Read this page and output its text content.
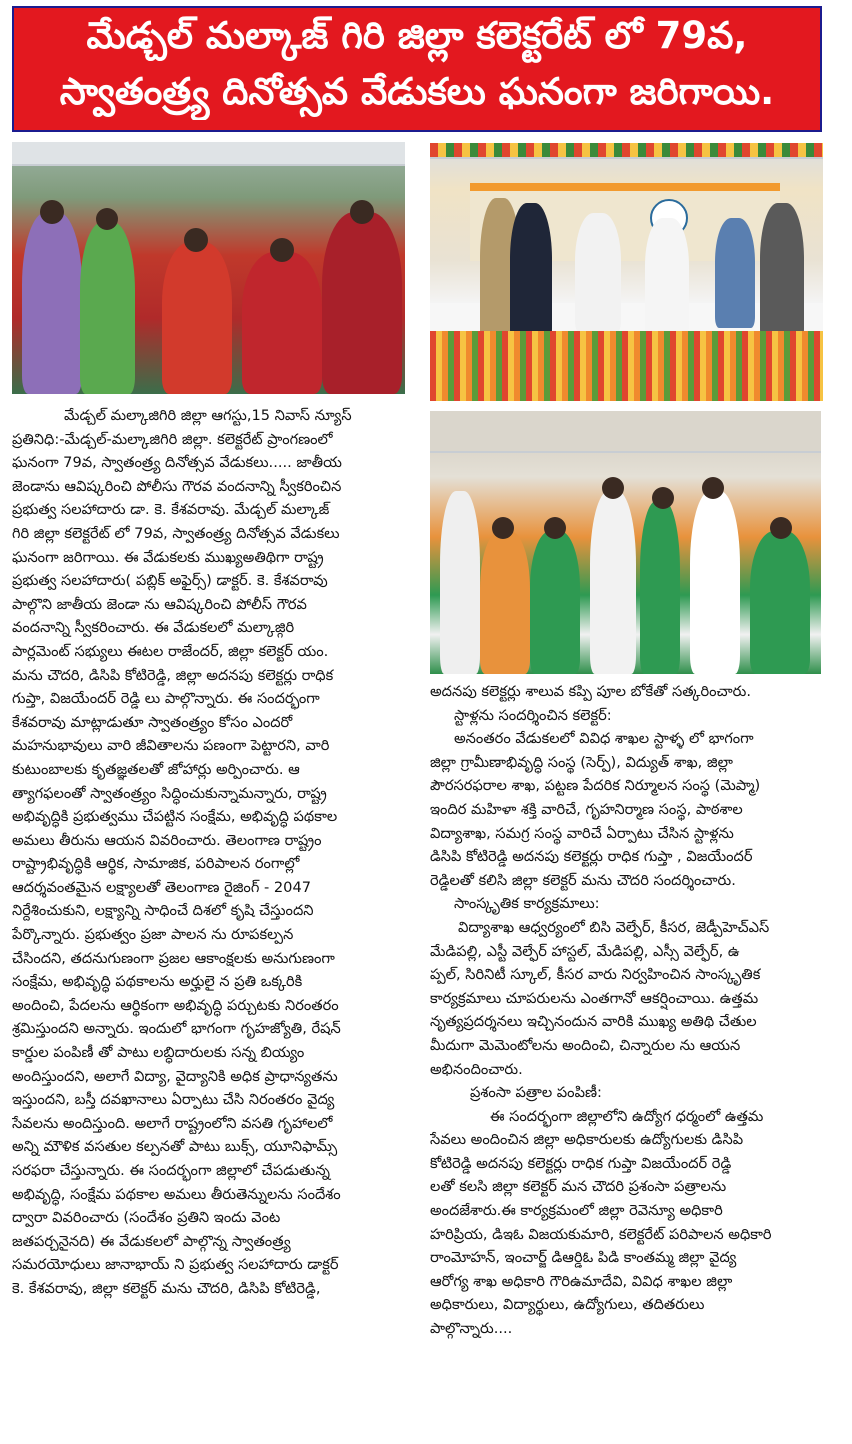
మేడ్చల్ మల్కాజ్ గిరి జిల్లా కలెక్టరేట్ లో 79వ,
స్వాతంత్ర్య దినోత్సవ వేడుకలు ఘనంగా జరిగాయి.
మేడ్చల్ మల్కాజిగిరి జిల్లా ఆగస్టు,15 నివాస్ న్యూస్
ప్రతినిధి:-మేడ్చల్-మల్కాజిగిరి జిల్లా. కలెక్టరేట్ ప్రాంగణంలో
ఘనంగా 79వ, స్వాతంత్ర్య దినోత్సవ వేడుకలు..... జాతీయ
జెండాను ఆవిష్కరించి పోలీసు గౌరవ వందనాన్ని స్వీకరించిన
ప్రభుత్వ సలహాదారు డా. కె. కేశవరావు. మేడ్చల్ మల్కాజ్
గిరి జిల్లా కలెక్టరేట్ లో 79వ, స్వాతంత్ర్య దినోత్సవ వేడుకలు
ఘనంగా జరిగాయి. ఈ వేడుకలకు ముఖ్యఅతిథిగా రాష్ట్ర
ప్రభుత్వ సలహాదారు( పబ్లిక్ అఫైర్స్) డాక్టర్. కె. కేశవరావు
పాల్గొని జాతీయ జెండా ను ఆవిష్కరించి పోలీస్ గౌరవ
వందనాన్ని స్వీకరించారు. ఈ వేడుకలలో మల్కాజ్గిరి
పార్లమెంట్ సభ్యులు ఈటల రాజేందర్, జిల్లా కలెక్టర్ యం.
మను చౌదరి, డిసిపి కోటిరెడ్డి, జిల్లా అదనపు కలెక్టర్లు రాధిక
గుప్తా, విజయేందర్ రెడ్డి లు పాల్గొన్నారు. ఈ సందర్భంగా
కేశవరావు మాట్లాడుతూ స్వాతంత్ర్యం కోసం ఎందరో
మహనుభావులు వారి జీవితాలను పణంగా పెట్టారని, వారి
కుటుంబాలకు కృతజ్ఞతలతో జోహార్లు అర్పించారు. ఆ
త్యాగఫలంతో స్వాతంత్ర్యం సిద్ధించుకున్నామన్నారు, రాష్ట్ర
అభివృద్ధికి ప్రభుత్వము చేపట్టిన సంక్షేమ, అభివృద్ధి పథకాల
అమలు తీరును ఆయన వివరించారు. తెలంగాణ రాష్ట్రం
రాష్ట్రాభివృద్ధికి ఆర్థిక, సామాజిక, పరిపాలన రంగాల్లో
ఆదర్శవంతమైన లక్ష్యాలతో తెలంగాణ రైజింగ్ - 2047
నిర్దేశించుకుని, లక్ష్యాన్ని సాధించే దిశలో కృషి చేస్తుందని
పేర్కొన్నారు. ప్రభుత్వం ప్రజా పాలన ను రూపకల్పన
చేసిందని, తదనుగుణంగా ప్రజల ఆకాంక్షలకు అనుగుణంగా
సంక్షేమ, అభివృద్ధి పథకాలను అర్హులై న ప్రతి ఒక్కరికి
అందించి, పేదలను ఆర్థికంగా అభివృద్ధి పర్చుటకు నిరంతరం
శ్రమిస్తుందని అన్నారు. ఇందులో భాగంగా గృహజ్యోతి, రేషన్
కార్డుల పంపిణీ తో పాటు లబ్ధిదారులకు సన్న బియ్యం
అందిస్తుందని, అలాగే విద్యా, వైద్యానికి అధిక ప్రాధాన్యతను
ఇస్తుందని, బస్తీ దవఖానాలు ఏర్పాటు చేసి నిరంతరం వైద్య
సేవలను అందిస్తుంది. అలాగే రాష్ట్రంలోని వసతి గృహాలలో
అన్ని మౌళిక వసతుల కల్పనతో పాటు బుక్స్, యూనిఫామ్స్
సరఫరా చేస్తున్నారు. ఈ సందర్భంగా జిల్లాలో చేపడుతున్న
అభివృద్ధి, సంక్షేమ పథకాల అమలు తీరుతెన్నులను సందేశం
ద్వారా వివరించారు (సందేశం ప్రతిని ఇందు వెంట
జతపర్చనైనది) ఈ వేడుకలలో పాల్గొన్న స్వాతంత్ర్య
సమరయోధులు జానాభాయ్ ని ప్రభుత్వ సలహాదారు డాక్టర్
కె. కేశవరావు, జిల్లా కలెక్టర్ మను చౌదరి, డిసిపి కోటిరెడ్డి,
అదనపు కలెక్టర్లు శాలువ కప్పి పూల బోకేతో సత్కరించారు.
స్టాళ్లను సందర్శించిన కలెక్టర్:
అనంతరం వేడుకలలో వివిధ శాఖల స్టాళ్ళ లో భాగంగా
జిల్లా గ్రామీణాభివృద్ధి సంస్థ (సెర్ప్), విద్యుత్ శాఖ, జిల్లా
పౌరసరఫరాల శాఖ, పట్టణ పేదరిక నిర్మూలన సంస్థ (మెప్మా)
ఇందిర మహిళా శక్తి వారిచే, గృహనిర్మాణ సంస్థ, పాఠశాల
విద్యాశాఖ, సమగ్ర సంస్థ వారిచే ఏర్పాటు చేసిన స్టాళ్లను
డిసిపి కోటిరెడ్డి అదనపు కలెక్టర్లు రాధిక గుప్తా , విజయేందర్
రెడ్డిలతో కలిసి జిల్లా కలెక్టర్ మను చౌదరి సందర్శించారు.
సాంస్కృతిక కార్యక్రమాలు:
విద్యాశాఖ ఆధ్వర్యంలో బిసి వెల్ఫేర్, కీసర, జెడ్పీహెచ్ఎస్
మేడిపల్లి, ఎస్టీ వెల్ఫేర్ హాస్టల్, మేడిపల్లి, ఎస్సీ వెల్ఫేర్, ఉ
ప్పల్, సిరినిటీ స్కూల్, కీసర వారు నిర్వహించిన సాంస్కృతిక
కార్యక్రమాలు చూపరులను ఎంతగానో ఆకర్షించాయి. ఉత్తమ
నృత్యప్రదర్శనలు ఇచ్చినందున వారికి ముఖ్య అతిథి చేతుల
మీదుగా మెమెంటోలను అందించి, చిన్నారుల ను ఆయన
అభినందించారు.
ప్రశంసా పత్రాల పంపిణీ:
ఈ సందర్భంగా జిల్లాలోని ఉద్యోగ ధర్మంలో ఉత్తమ
సేవలు అందించిన జిల్లా అధికారులకు ఉద్యోగులకు డిసిపి
కోటిరెడ్డి అదనపు కలెక్టర్లు రాధిక గుప్తా విజయేందర్ రెడ్డి
లతో కలసి జిల్లా కలెక్టర్ మన చౌదరి ప్రశంసా పత్రాలను
అందజేశారు.ఈ కార్యక్రమంలో జిల్లా రెవెన్యూ అధికారి
హరిప్రియ, డిఇఓ విజయకుమారి, కలెక్టరేట్ పరిపాలన అధికారి
రాంమోహన్, ఇంచార్జ్ డిఆర్డిఓ పిడి కాంతమ్మ జిల్లా వైద్య
ఆరోగ్య శాఖ అధికారి గౌరిఉమాదేవి, వివిధ శాఖల జిల్లా
అధికారులు, విద్యార్థులు, ఉద్యోగులు, తదితరులు
పాల్గొన్నారు....
